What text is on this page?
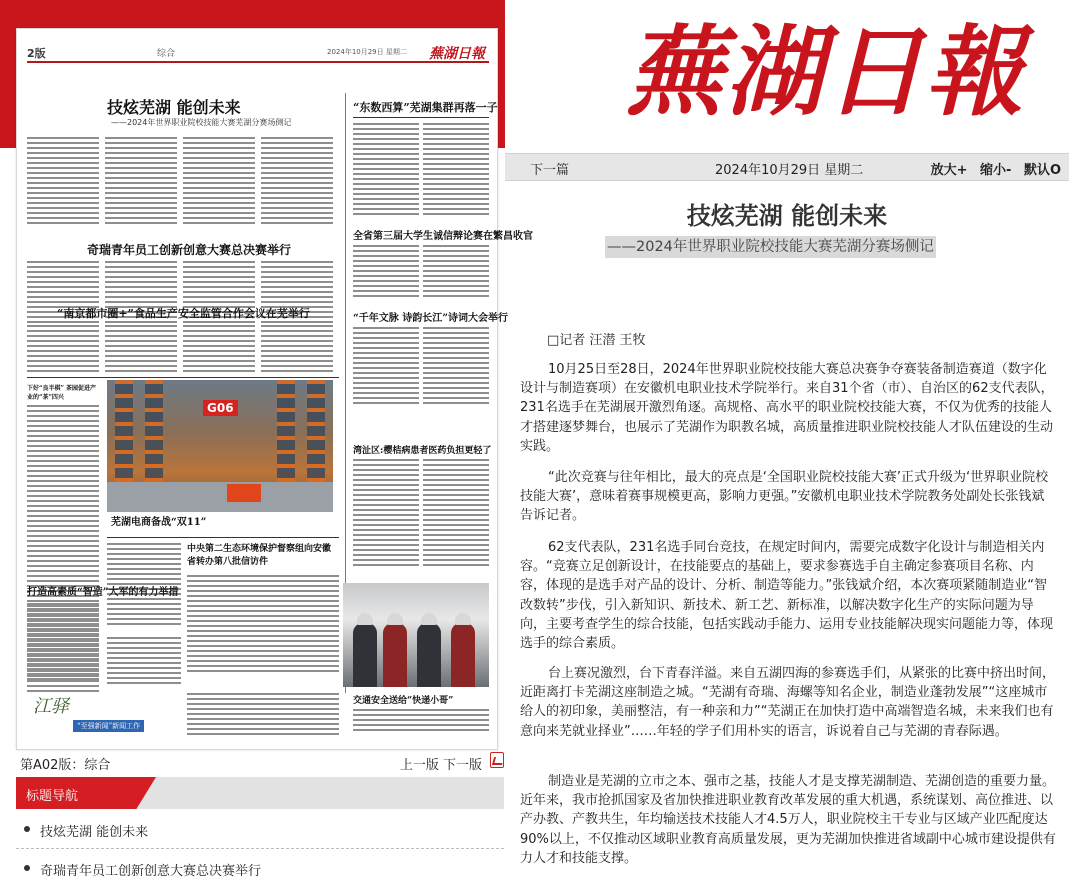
2版	综合	2024年10月29日 星期二 蕪湖日報
技炫芜湖 能创未来
——2024年世界职业院校技能大赛芜湖分赛场侧记
“东数西算”芜湖集群再落一子
全省第三届大学生诚信辩论赛在繁昌收官
奇瑞青年员工创新创意大赛总决赛举行
“千年文脉 诗韵长江”诗词大会举行
“南京都市圈+”食品生产安全监管合作会议在芜举行
下好“良半棋” 茶园促进产业的“茶”四兴
G06
芜湖电商备战“双11”
湾沚区:樱桔病患者医药负担更轻了
中央第二生态环境保护督察组向安徽省转办第八批信访件
打造高素质“智造”大军的有力举措
交通安全送给“快递小哥”
江驿
“至强新闻”新闻工作
第A02版：综合	上一版 下一版
标题导航
技炫芜湖 能创未来
奇瑞青年员工创新创意大赛总决赛举行
蕪湖日報
下一篇	2024年10月29日 星期二	放大+ 缩小- 默认O
技炫芜湖 能创未来
——2024年世界职业院校技能大赛芜湖分赛场侧记
□记者 汪潜 王牧

10月25日至28日，2024年世界职业院校技能大赛总决赛争夺赛装备制造赛道（数字化设计与制造赛项）在安徽机电职业技术学院举行。来自31个省（市）、自治区的62支代表队，231名选手在芜湖展开激烈角逐。高规格、高水平的职业院校技能大赛，不仅为优秀的技能人才搭建逐梦舞台，也展示了芜湖作为职教名城，高质量推进职业院校技能人才队伍建设的生动实践。

“此次竞赛与往年相比，最大的亮点是‘全国职业院校技能大赛’正式升级为‘世界职业院校技能大赛’，意味着赛事规模更高，影响力更强。”安徽机电职业技术学院教务处副处长张钱斌告诉记者。

62支代表队，231名选手同台竞技，在规定时间内，需要完成数字化设计与制造相关内容。“竞赛立足创新设计，在技能要点的基础上，要求参赛选手自主确定参赛项目名称、内容，体现的是选手对产品的设计、分析、制造等能力。”张钱斌介绍，本次赛项紧随制造业“智改数转”步伐，引入新知识、新技术、新工艺、新标准，以解决数字化生产的实际问题为导向，主要考查学生的综合技能，包括实践动手能力、运用专业技能解决现实问题能力等，体现选手的综合素质。

台上赛况激烈，台下青春洋溢。来自五湖四海的参赛选手们，从紧张的比赛中挤出时间，近距离打卡芜湖这座制造之城。“芜湖有奇瑞、海螺等知名企业，制造业蓬勃发展”“这座城市给人的初印象，美丽整洁，有一种亲和力”“芜湖正在加快打造中高端智造名城，未来我们也有意向来芜就业择业”……年轻的学子们用朴实的语言，诉说着自己与芜湖的青春际遇。

制造业是芜湖的立市之本、强市之基，技能人才是支撑芜湖制造、芜湖创造的重要力量。近年来，我市抢抓国家及省加快推进职业教育改革发展的重大机遇，系统谋划、高位推进、以产办教、产教共生，年均输送技术技能人才4.5万人，职业院校主干专业与区域产业匹配度达90%以上，不仅推动区域职业教育高质量发展，更为芜湖加快推进省域副中心城市建设提供有力人才和技能支撑。
